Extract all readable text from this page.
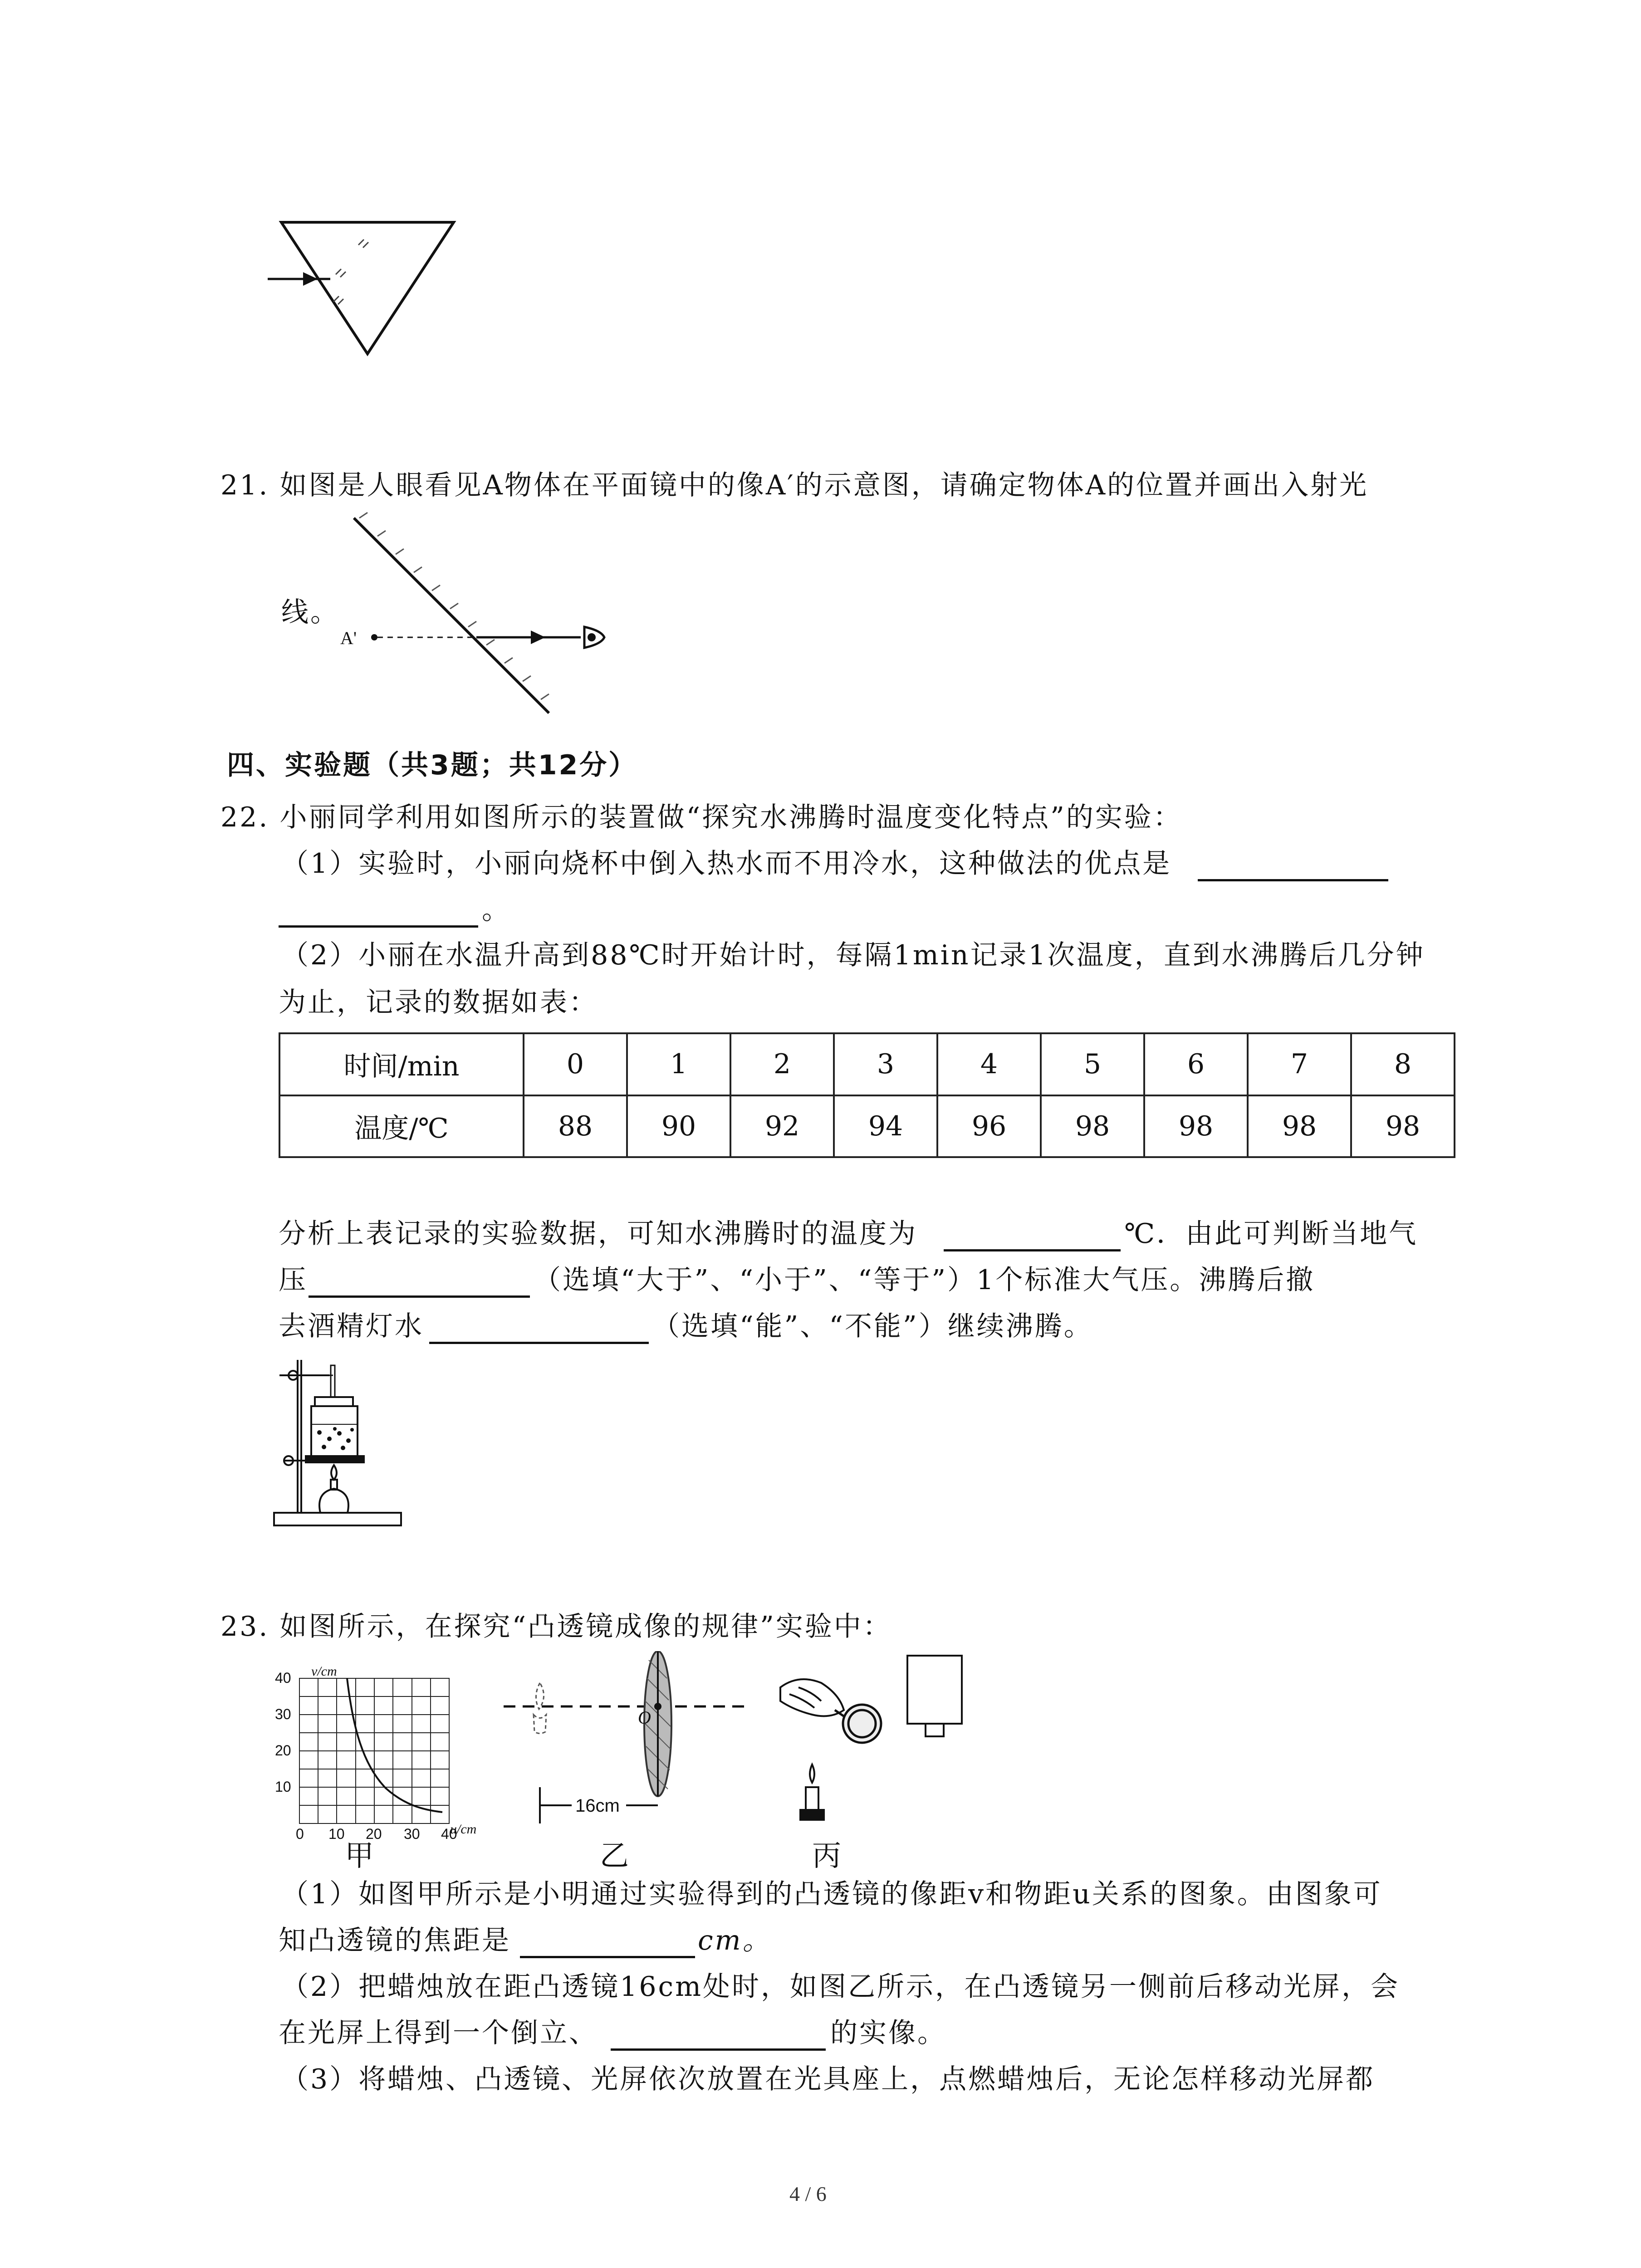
21. 如图是人眼看见A物体在平面镜中的像A′的示意图，请确定物体A的位置并画出入射光
线。
A'
四、实验题（共3题；共12分）
22. 小丽同学利用如图所示的装置做“探究水沸腾时温度变化特点”的实验：
（1）实验时，小丽向烧杯中倒入热水而不用冷水，这种做法的优点是
。
（2）小丽在水温升高到88℃时开始计时，每隔1min记录1次温度，直到水沸腾后几分钟
为止，记录的数据如表：
时间/min	0	1	2	3	4	5	6	7	8
温度/℃	88	90	92	94	96	98	98	98	98
分析上表记录的实验数据，可知水沸腾时的温度为	℃．由此可判断当地气
压	（选填“大于”、“小于”、“等于”）1个标准大气压。沸腾后撤
去酒精灯水	（选填“能”、“不能”）继续沸腾。
23. 如图所示，在探究“凸透镜成像的规律”实验中：
v/cm
u/cm
40
30
20
10
0 10 20 30 40
甲
O
16cm
乙	丙
（1）如图甲所示是小明通过实验得到的凸透镜的像距v和物距u关系的图象。由图象可
知凸透镜的焦距是	cm。
（2）把蜡烛放在距凸透镜16cm处时，如图乙所示，在凸透镜另一侧前后移动光屏，会
在光屏上得到一个倒立、	的实像。
（3）将蜡烛、凸透镜、光屏依次放置在光具座上，点燃蜡烛后，无论怎样移动光屏都
4 / 6
